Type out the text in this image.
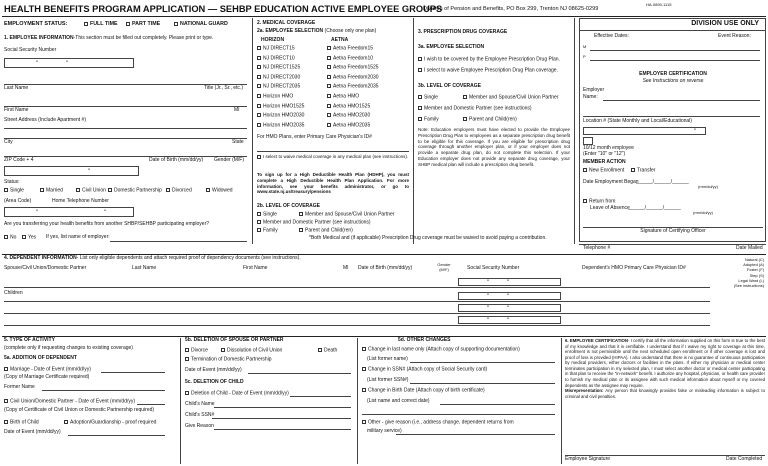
HEALTH BENEFITS PROGRAM APPLICATION — SEHBP EDUCATION ACTIVE EMPLOYEE GROUPS
Division of Pension and Benefits, PO Box 299, Trenton NJ 08625-0299
HA-0890-1115
EMPLOYMENT STATUS:	FULL TIME	PART TIME	NATIONAL GUARD
1. EMPLOYEE INFORMATION-This section must be filled out completely. Please print or type.
Social Security Number
-	-
Last Name	Title (Jr., Sr., etc.)
First Name	MI
Street Address (Include Apartment #)
City	State
ZIP Code + 4	Date of Birth (mm/dd/yy) Gender (M/F)
-
Status:
Single	Married	Civil Union	Domestic Partnership	Divorced	Widowed
(Area Code)	Home Telephone Number
-	-
Are you transferring your health benefits from another SHBP/SEHBP participating employer?
No	Yes If yes, list name of employer:
2. MEDICAL COVERAGE
2a. EMPLOYEE SELECTION (Choose only one plan)
HORIZON	AETNA
NJ DIRECT15
NJ DIRECT10
NJ DIRECT1525
NJ DIRECT2030
NJ DIRECT2035
Horizon HMO
Horizon HMO1525
Horizon HMO2030
Horizon HMO2035
Aetna Freedom15
Aetna Freedom10
Aetna Freedom1525
Aetna Freedom2030
Aetna Freedom2035
Aetna HMO
Aetna HMO1525
Aetna HMO2030
Aetna HMO2035
For HMO Plans, enter Primary Care Physician's ID#
I select to waive medical coverage in any medical plan (see instructions).
To sign up for a High Deductible Health Plan (HDHP), you must complete a High Deductible Health Plan Application. For more information, see your benefits administrator, or go to www.state.nj.us/treasury/pensions
2b. LEVEL OF COVERAGE
Single	Member and Spouse/Civil Union Partner
Member and Domestic Partner (see instructions)
Family	Parent and Child(ren)
3. PRESCRIPTION DRUG COVERAGE
3a. EMPLOYEE SELECTION
I wish to be covered by the Employee Prescription Drug Plan.
I select to waive Employee Prescription Drug Plan coverage.
3b. LEVEL OF COVERAGE
Single	Member and Spouse/Civil Union Partner
Member and Domestic Partner (see instructions)
Family	Parent and Child(ren)
Note: Education employers must have elected to provide the Employee Prescription Drug Plan to employees as a separate prescription drug benefit to be eligible for this coverage. If you are eligible for prescription drug coverage through another employer plan, or if your employer does not provide a separate drug plan, do not complete this selection. If your Education employer does not provide any separate drug coverage, your SHBP medical plan will include a prescription drug benefit.
*Both Medical and (if applicable) Prescription Drug coverage must be waived to avoid paying a contribution.
DIVISION USE ONLY
Effective Dates:	Event Reason:
M
P
EMPLOYER CERTIFICATION
See Instructions on reverse
Employer
Name:
Location # (State Monthly and Local/Educational)
-
10/12 month employee
(Enter "10" or "12")
MEMBER ACTION
New Enrollment	Transfer
Date Employment Began
______/______/______
(mm/dd/yy)
Return from
Leave of Absence
______/______/______
(mm/dd/yy)
Signature of Certifying Officer
Telephone #	Date Mailed
4. DEPENDENT INFORMATION- List only eligible dependents and attach required proof of dependency documents (see instructions).
Spouse/Civil Union/Domestic Partner	Last Name	First Name	MI Date of Birth (mm/dd/yy)
Gender (M/F)	Social Security Number	Dependent's HMO Primary Care Physician ID#
Natural (C)
Adopted (A)
Foster (F)
Step (S)
Legal Ward (L)
(See instructions)
-	-
-	-
-	-
-	-
Children
5. TYPE OF ACTIVITY
(complete only if requesting changes to existing coverage)
5a. ADDITION OF DEPENDENT
Marriage - Date of Event (mm/dd/yy)
(Copy of Marriage Certificate required)
Former Name
Civil Union/Domestic Partner - Date of Event (mm/dd/yy)
(Copy of Certificate of Civil Union or Domestic Partnership required)
Birth of Child	Adoption/Guardianship - proof required
Date of Event (mm/dd/yy)
5b. DELETION OF SPOUSE OR PARTNER
Divorce	Dissolution of Civil Union	Death
Termination of Domestic Partnership
Date of Event (mm/dd/yy)
5c. DELETION OF CHILD
Deletion of Child - Date of Event (mm/dd/yy)
Child's Name
Child's SSN#
Give Reason
5d. OTHER CHANGES
Change in last name only (Attach copy of supporting documentation)
(List former name)
Change in SSN# (Attach copy of Social Security card)
(List former SSN#)
Change in Birth Date (Attach copy of birth certificate)
(List name and correct date)
Other - give reason (i.e., address change, dependent returns from
military service)
6. EMPLOYEE CERTIFICATION- I certify that all the information supplied on this form is true to the best of my knowledge and that it is certifiable. I understand that if I waive my right to coverage at this time, enrollment is not permissible until the next scheduled open enrollment or if other coverage is lost and proof of loss is provided (HIPAA). I also understand that there is no guarantee of continuous participation by medical providers, either doctors or facilities in the plans. If either my physician or medical center terminates participation in my selected plan, I must select another doctor or medical center participating in that plan to receive the "in-network" benefit. I authorize any hospital, physician, or health care provider to furnish my medical plan or its assignee with such medical information about myself or my covered dependents as the assignee may require.
Misrepresentation: Any person that knowingly provides false or misleading information is subject to criminal and civil penalties.
Employee Signature	Date Completed
